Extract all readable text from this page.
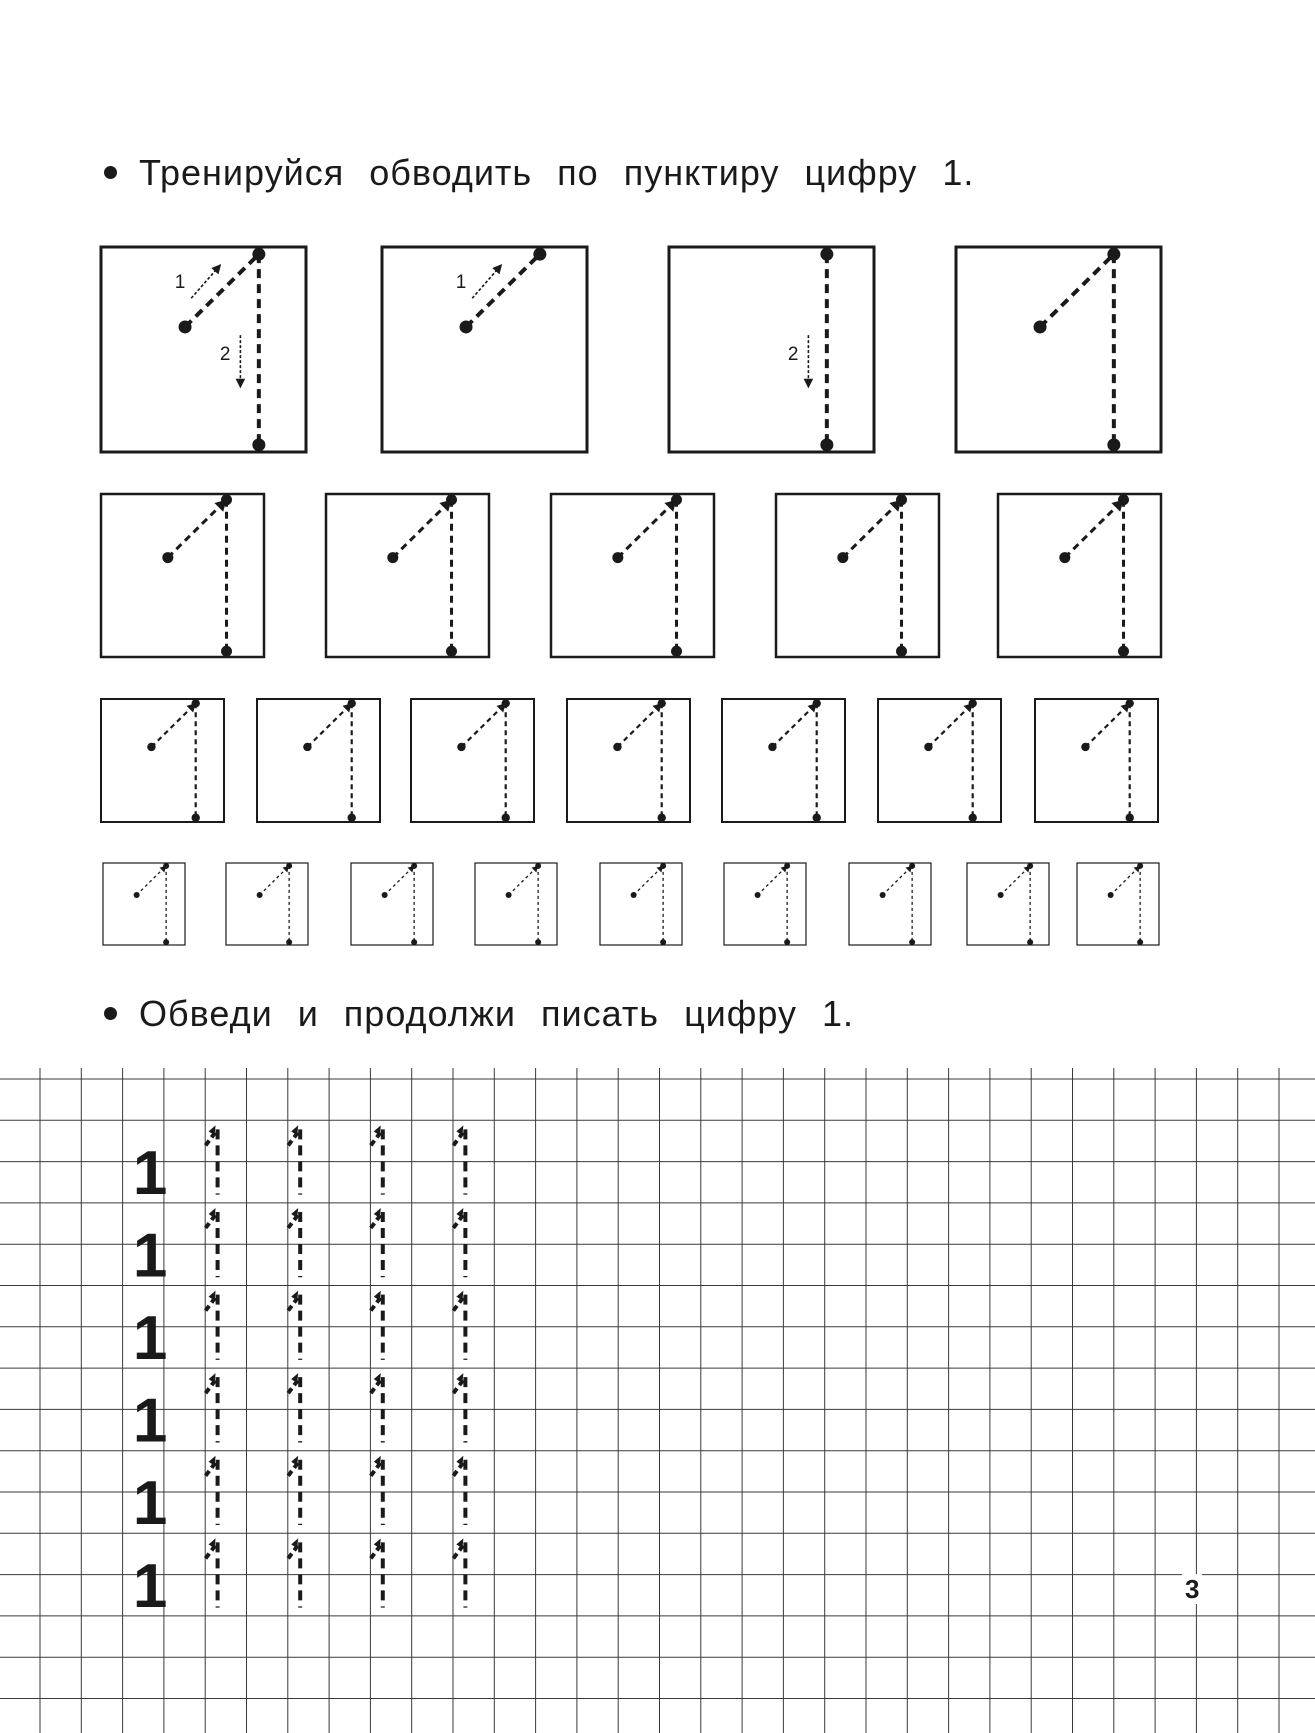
Тренируйся обводить по пунктиру цифру 1.
1
2
1
2
Обведи и продолжи писать цифру 1.
1
1
1
1
1
1	3
